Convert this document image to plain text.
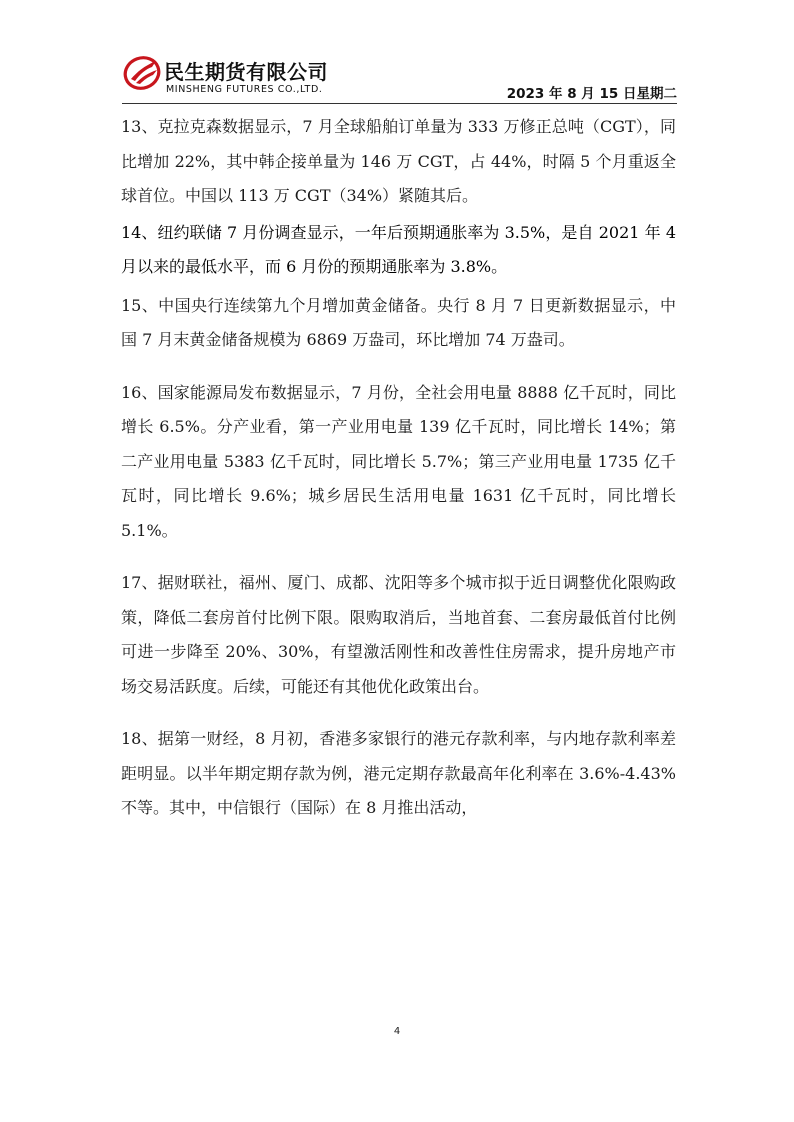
民生期货有限公司
MINSHENG FUTURES CO.,LTD.	2023 年 8 月 15 日星期二

13、克拉克森数据显示，7 月全球船舶订单量为 333 万修正总吨（CGT），同比增加 22%，其中韩企接单量为 146 万 CGT，占 44%，时隔 5 个月重返全球首位。中国以 113 万 CGT（34%）紧随其后。

14、纽约联储 7 月份调查显示，一年后预期通胀率为 3.5%，是自 2021 年 4 月以来的最低水平，而 6 月份的预期通胀率为 3.8%。

15、中国央行连续第九个月增加黄金储备。央行 8 月 7 日更新数据显示，中国 7 月末黄金储备规模为 6869 万盎司，环比增加 74 万盎司。

16、国家能源局发布数据显示，7 月份，全社会用电量 8888 亿千瓦时，同比增长 6.5%。分产业看，第一产业用电量 139 亿千瓦时，同比增长 14%；第二产业用电量 5383 亿千瓦时，同比增长 5.7%；第三产业用电量 1735 亿千瓦时，同比增长 9.6%；城乡居民生活用电量 1631 亿千瓦时，同比增长 5.1%。

17、据财联社，福州、厦门、成都、沈阳等多个城市拟于近日调整优化限购政策，降低二套房首付比例下限。限购取消后，当地首套、二套房最低首付比例可进一步降至 20%、30%，有望激活刚性和改善性住房需求，提升房地产市场交易活跃度。后续，可能还有其他优化政策出台。

18、据第一财经，8 月初，香港多家银行的港元存款利率，与内地存款利率差距明显。以半年期定期存款为例，港元定期存款最高年化利率在 3.6%-4.43%不等。其中，中信银行（国际）在 8 月推出活动，

4
